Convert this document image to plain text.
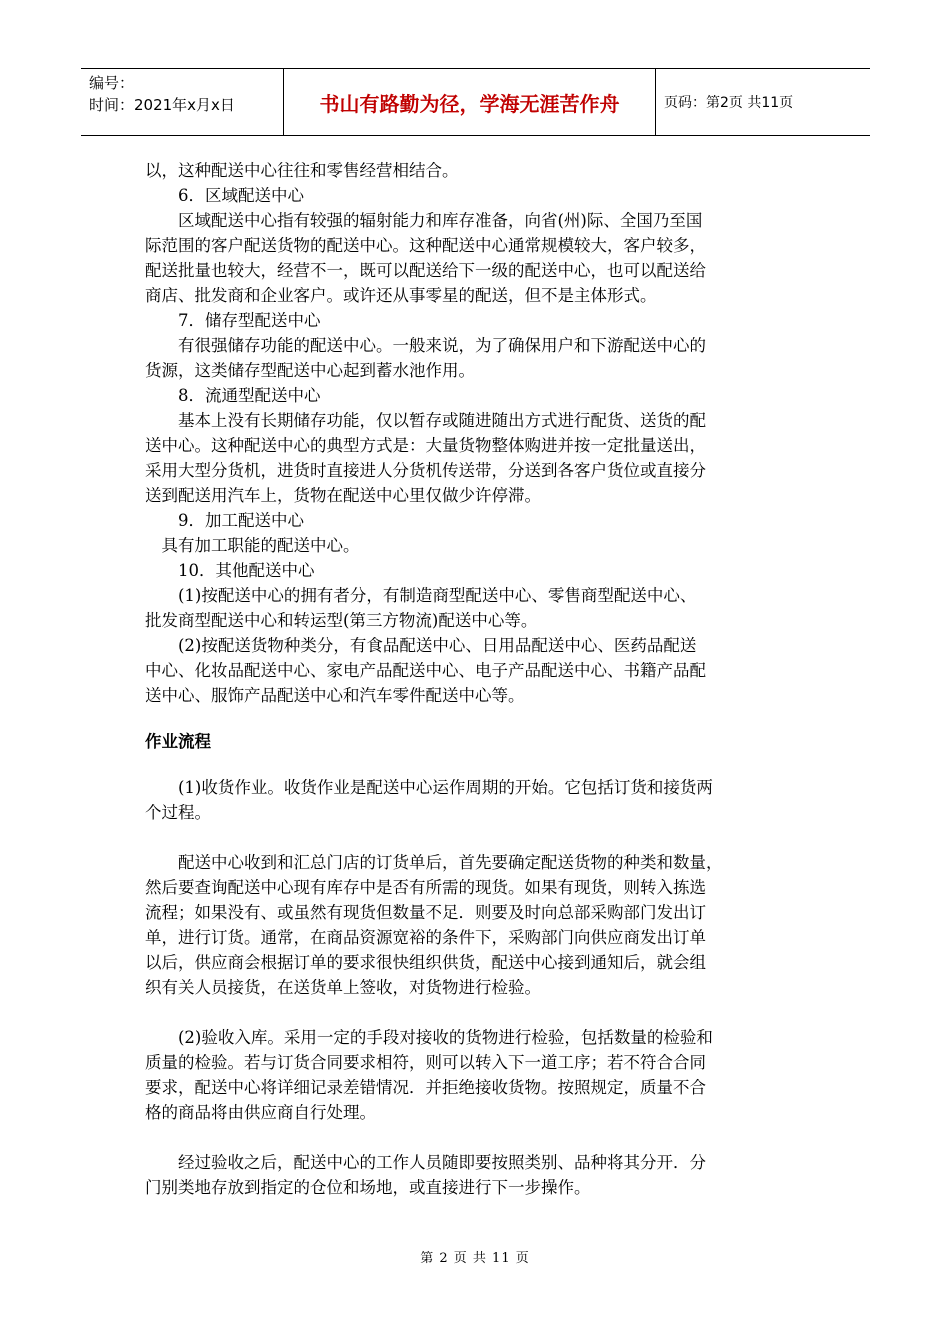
编号：
时间：2021年x月x日	书山有路勤为径，学海无涯苦作舟	页码：第2页 共11页

以，这种配送中心往往和零售经营相结合。

　　6．区域配送中心

　　区域配送中心指有较强的辐射能力和库存准备，向省(州)际、全国乃至国

际范围的客户配送货物的配送中心。这种配送中心通常规模较大，客户较多，

配送批量也较大，经营不一，既可以配送给下一级的配送中心，也可以配送给

商店、批发商和企业客户。或许还从事零星的配送，但不是主体形式。

　　7．储存型配送中心

　　有很强储存功能的配送中心。一般来说，为了确保用户和下游配送中心的

货源，这类储存型配送中心起到蓄水池作用。

　　8．流通型配送中心

　　基本上没有长期储存功能，仅以暂存或随进随出方式进行配货、送货的配

送中心。这种配送中心的典型方式是：大量货物整体购进并按一定批量送出，

采用大型分货机，进货时直接进人分货机传送带，分送到各客户货位或直接分

送到配送用汽车上，货物在配送中心里仅做少许停滞。

　　9．加工配送中心

　具有加工职能的配送中心。

　　10．其他配送中心

　　(1)按配送中心的拥有者分，有制造商型配送中心、零售商型配送中心、

批发商型配送中心和转运型(第三方物流)配送中心等。

　　(2)按配送货物种类分，有食品配送中心、日用品配送中心、医药品配送

中心、化妆品配送中心、家电产品配送中心、电子产品配送中心、书籍产品配

送中心、服饰产品配送中心和汽车零件配送中心等。

作业流程

　　(1)收货作业。收货作业是配送中心运作周期的开始。它包括订货和接货两

个过程。

　　配送中心收到和汇总门店的订货单后，首先要确定配送货物的种类和数量，

然后要查询配送中心现有库存中是否有所需的现货。如果有现货，则转入拣选

流程；如果没有、或虽然有现货但数量不足．则要及时向总部采购部门发出订

单，进行订货。通常，在商品资源宽裕的条件下，采购部门向供应商发出订单

以后，供应商会根据订单的要求很快组织供货，配送中心接到通知后，就会组

织有关人员接货，在送货单上签收，对货物进行检验。

　　(2)验收入库。采用一定的手段对接收的货物进行检验，包括数量的检验和

质量的检验。若与订货合同要求相符，则可以转入下一道工序；若不符合合同

要求，配送中心将详细记录差错情况．并拒绝接收货物。按照规定，质量不合

格的商品将由供应商自行处理。

　　经过验收之后，配送中心的工作人员随即要按照类别、品种将其分开．分

门别类地存放到指定的仓位和场地，或直接进行下一步操作。

第 2 页 共 11 页
